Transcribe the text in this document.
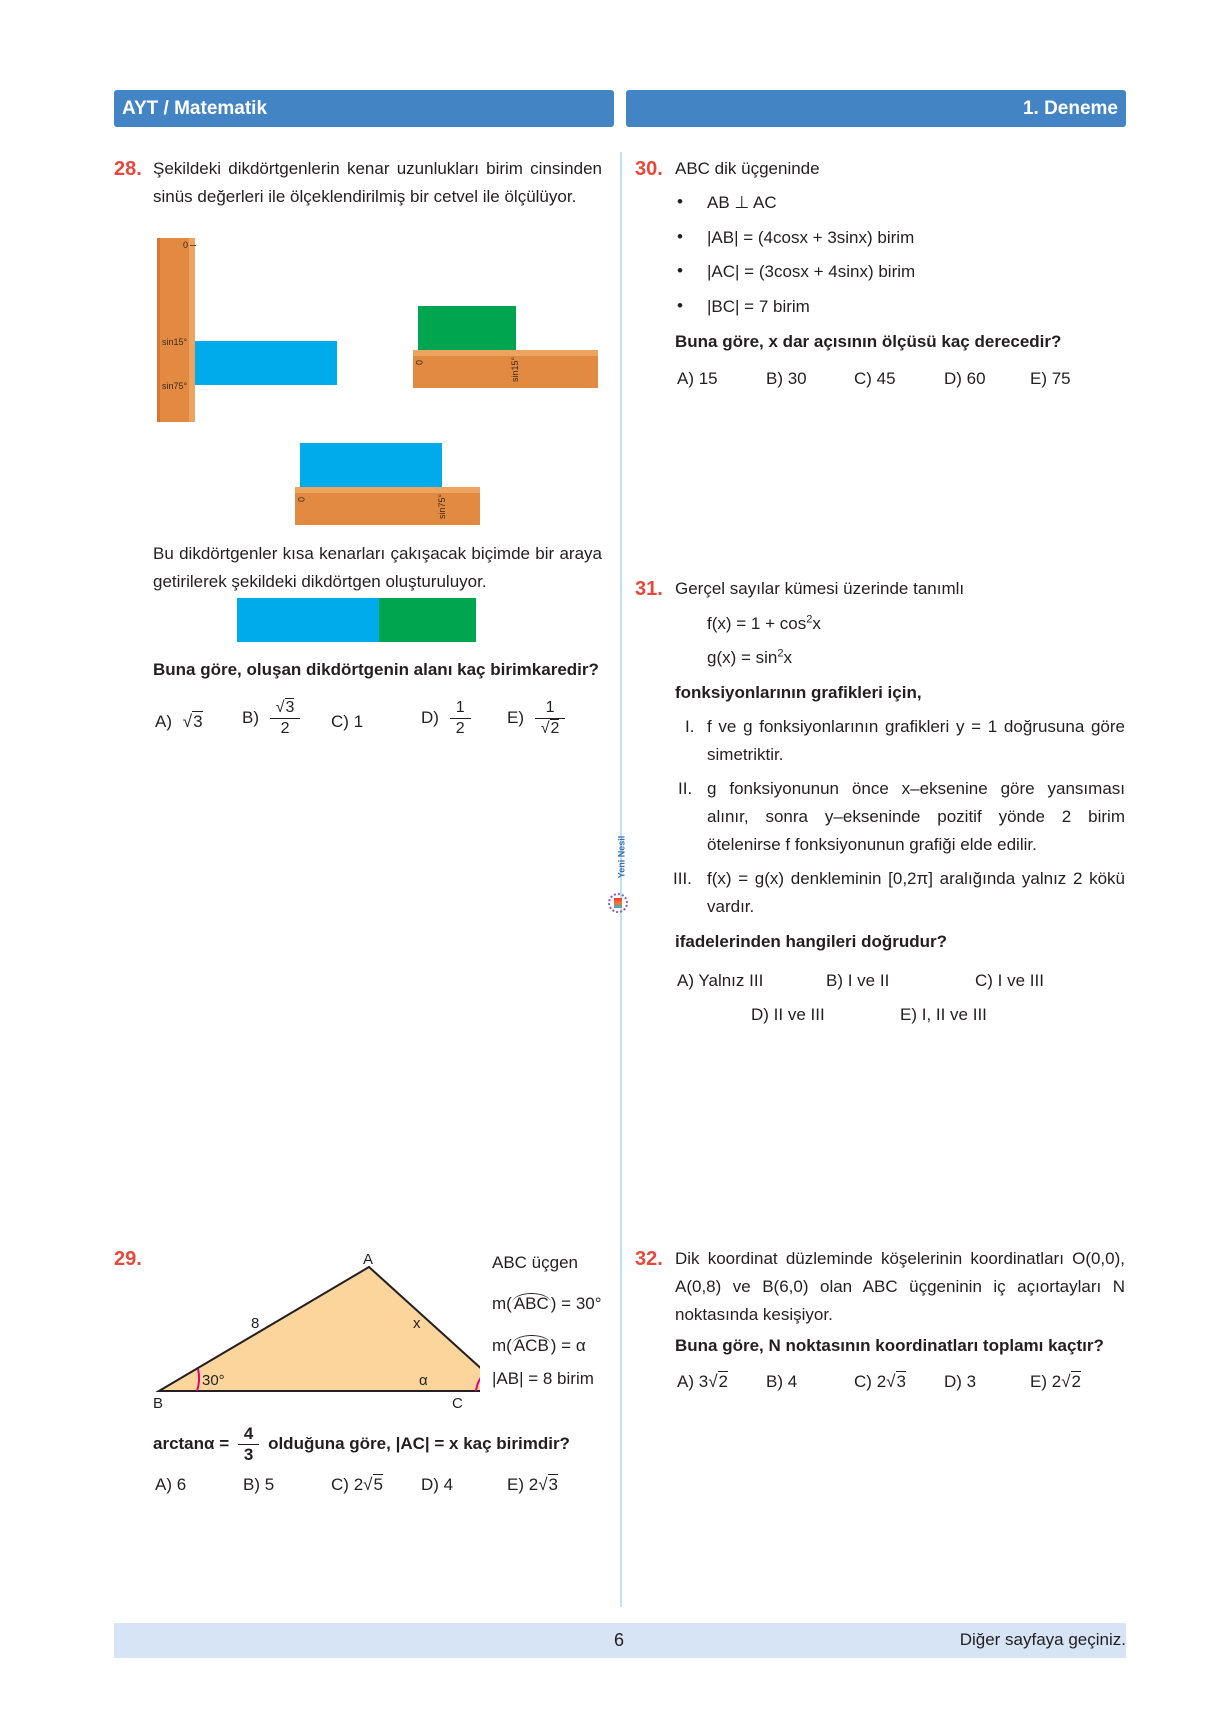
AYT / Matematik	1. Deneme
28. Şekildeki dikdörtgenlerin kenar uzunlukları birim cinsinden sinüs değerleri ile ölçeklendirilmiş bir cetvel ile ölçülüyor.
0
sin15°
sin75°
0	sin15°
0	sin75°
Bu dikdörtgenler kısa kenarları çakışacak biçimde bir araya getirilerek şekildeki dikdörtgen oluşturuluyor.
Buna göre, oluşan dikdörtgenin alanı kaç birimkaredir?
A) √3 $B) \frac{√3}{2} C$) 1	$D) \frac{1}{2} E) \frac{1}{√2}$
29.	A
B	C
8	x
30°	α
ABC üçgen
m( ABC ) = 30°
m( ACB ) = α
|AB| = 8 birim
$\arctan\alpha = \frac{4}{3}$ olduğuna göre, |AC| = x kaç birimdir?
A) 6	B) 5	C) 2√5 D) 4	E) 2√3
30. ABC dik üçgeninde
• AB ⊥ AC
• |AB| = (4cosx + 3sinx) birim
• |AC| = (3cosx + 4sinx) birim
• |BC| = 7 birim
Buna göre, x dar açısının ölçüsü kaç derecedir?
A) 15	B) 30	C) 45	D) 60	E) 75
31. Gerçel sayılar kümesi üzerinde tanımlı
$f(x) = 1 + \cos^2x$
$g(x) = \sin^2x$
fonksiyonlarının grafikleri için,
I. f ve g fonksiyonlarının grafikleri y = 1 doğrusuna göre simetriktir.
II. g fonksiyonunun önce x–eksenine göre yansıması alınır, sonra y–ekseninde pozitif yönde 2 birim ötelenirse f fonksiyonunun grafiği elde edilir.
III. f(x) = g(x) denkleminin [0,2π] aralığında yalnız 2 kökü vardır.
ifadelerinden hangileri doğrudur?
A) Yalnız III	B) I ve II	C) I ve III
D) II ve III	E) I, II ve III
Yeni Nesil
32. Dik koordinat düzleminde köşelerinin koordinatları O(0,0), A(0,8) ve B(6,0) olan ABC üçgeninin iç açıortayları N noktasında kesişiyor.
Buna göre, N noktasının koordinatları toplamı kaçtır?
A) 3√2 B) 4	C) 2√3 D) 3	E) 2√2
6	Diğer sayfaya geçiniz.
